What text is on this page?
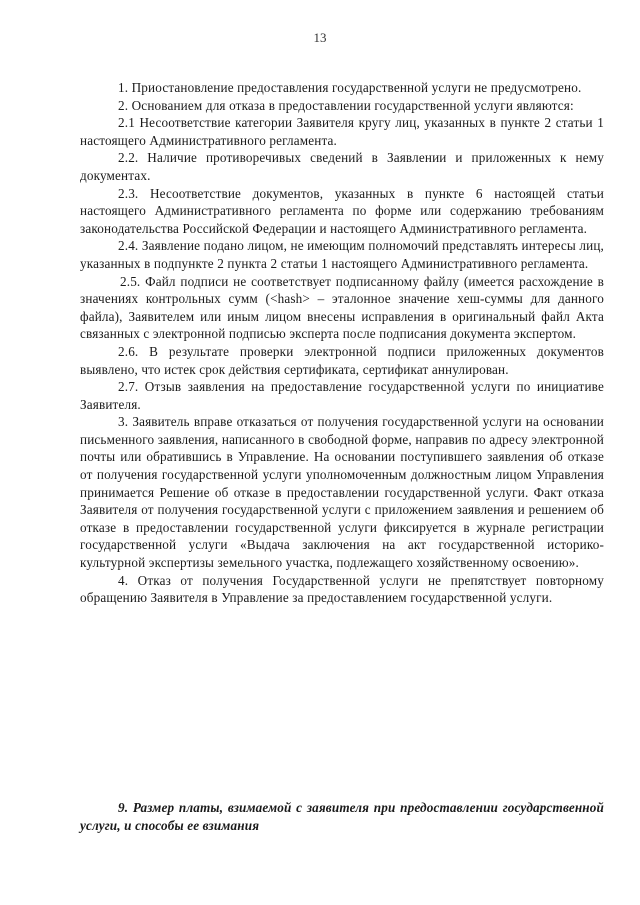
13

1. Приостановление предоставления государственной услуги не предусмотрено.

2. Основанием для отказа в предоставлении государственной услуги являются:

2.1 Несоответствие категории Заявителя кругу лиц, указанных в пункте 2 статьи 1 настоящего Административного регламента.

2.2. Наличие противоречивых сведений в Заявлении и приложенных к нему документах.

2.3. Несоответствие документов, указанных в пункте 6 настоящей статьи настоящего Административного регламента по форме или содержанию требованиям законодательства Российской Федерации и настоящего Административного регламента.

2.4. Заявление подано лицом, не имеющим полномочий представлять интересы лиц, указанных в подпункте 2 пункта 2 статьи 1 настоящего Административного регламента.

2.5. Файл подписи не соответствует подписанному файлу (имеется расхождение в значениях контрольных сумм (<hash> – эталонное значение хеш-суммы для данного файла), Заявителем или иным лицом внесены исправления в оригинальный файл Акта связанных с электронной подписью эксперта после подписания документа экспертом.

2.6. В результате проверки электронной подписи приложенных документов выявлено, что истек срок действия сертификата, сертификат аннулирован.

2.7. Отзыв заявления на предоставление государственной услуги по инициативе Заявителя.

3. Заявитель вправе отказаться от получения государственной услуги на основании письменного заявления, написанного в свободной форме, направив по адресу электронной почты или обратившись в Управление. На основании поступившего заявления об отказе от получения государственной услуги уполномоченным должностным лицом Управления принимается Решение об отказе в предоставлении государственной услуги. Факт отказа Заявителя от получения государственной услуги с приложением заявления и решением об отказе в предоставлении государственной услуги фиксируется в журнале регистрации государственной услуги «Выдача заключения на акт государственной историко-культурной экспертизы земельного участка, подлежащего хозяйственному освоению».

4. Отказ от получения Государственной услуги не препятствует повторному обращению Заявителя в Управление за предоставлением государственной услуги.

9. Размер платы, взимаемой с заявителя при предоставлении государственной услуги, и способы ее взимания
